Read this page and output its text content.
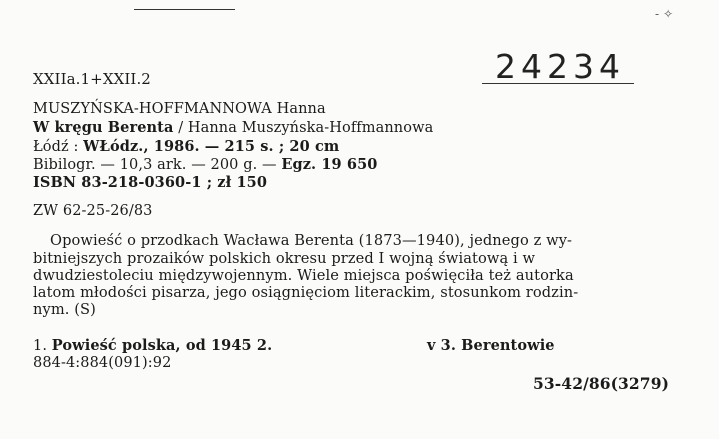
- ✧
24234
XXIIa.1+XXII.2
MUSZYŃSKA-HOFFMANNOWA Hanna
W kręgu Berenta / Hanna Muszyńska-Hoffmannowa
Łódź : WŁódz., 1986. — 215 s. ; 20 cm
Bibilogr. — 10,3 ark. — 200 g. — Egz. 19 650
ISBN 83-218-0360-1 ; zł 150
ZW 62-25-26/83
Opowieść o przodkach Wacława Berenta (1873—1940), jednego z wy-
bitniejszych prozaików polskich okresu przed I wojną światową i w
dwudziestoleciu międzywojennym. Wiele miejsca poświęciła też autorka
latom młodości pisarza, jego osiągnięciom literackim, stosunkom rodzin-
nym. (S)
1. Powieść polska, od 1945 2.	v 3. Berentowie
884-4:884(091):92
53-42/86(3279)
